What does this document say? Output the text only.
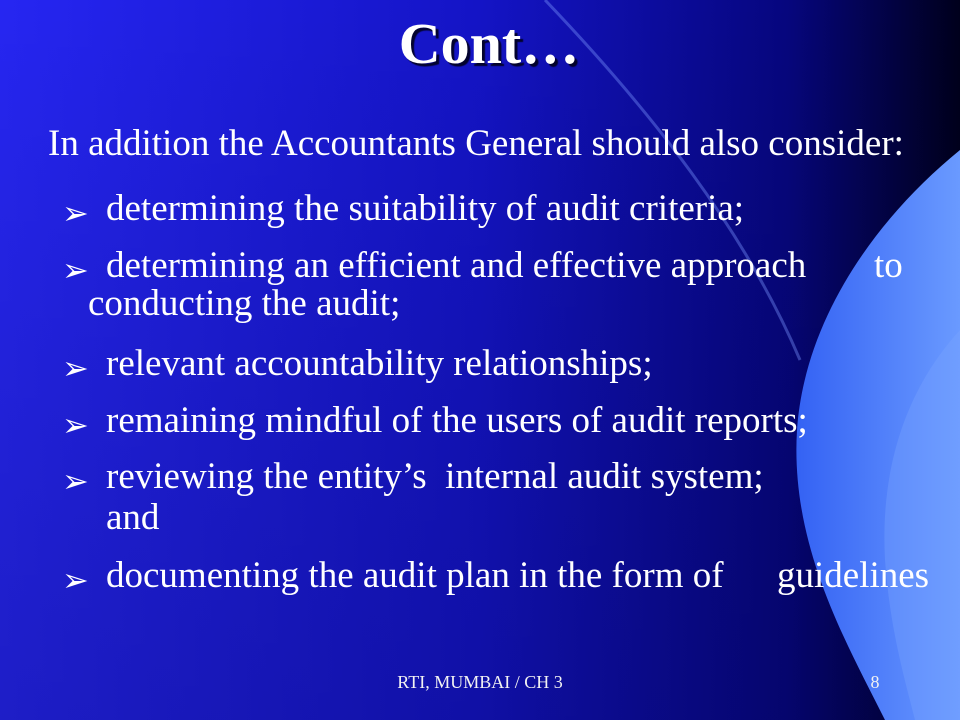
Cont…
In addition the Accountants General should also consider:
➢ determining the suitability of audit criteria;
➢ determining an efficient and effective approach to
conducting the audit;
➢ relevant accountability relationships;
➢ remaining mindful of the users of audit reports;
➢ reviewing the entity’s  internal audit system;
and
➢ documenting the audit plan in the form of guidelines
RTI, MUMBAI / CH 3	8
